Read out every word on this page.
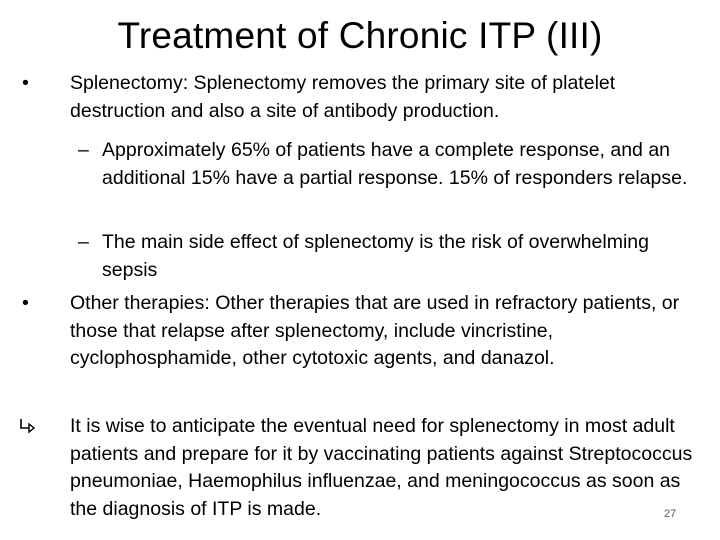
Treatment of Chronic ITP (III)
• Splenectomy: Splenectomy removes the primary site of platelet destruction and also a site of antibody production.
– Approximately 65% of patients have a complete response, and an additional 15% have a partial response. 15% of responders relapse.
– The main side effect of splenectomy is the risk of overwhelming sepsis
• Other therapies: Other therapies that are used in refractory patients, or those that relapse after splenectomy, include vincristine, cyclophosphamide, other cytotoxic agents, and danazol.
It is wise to anticipate the eventual need for splenectomy in most adult patients and prepare for it by vaccinating patients against Streptococcus pneumoniae, Haemophilus influenzae, and meningococcus as soon as the diagnosis of ITP is made.	27
